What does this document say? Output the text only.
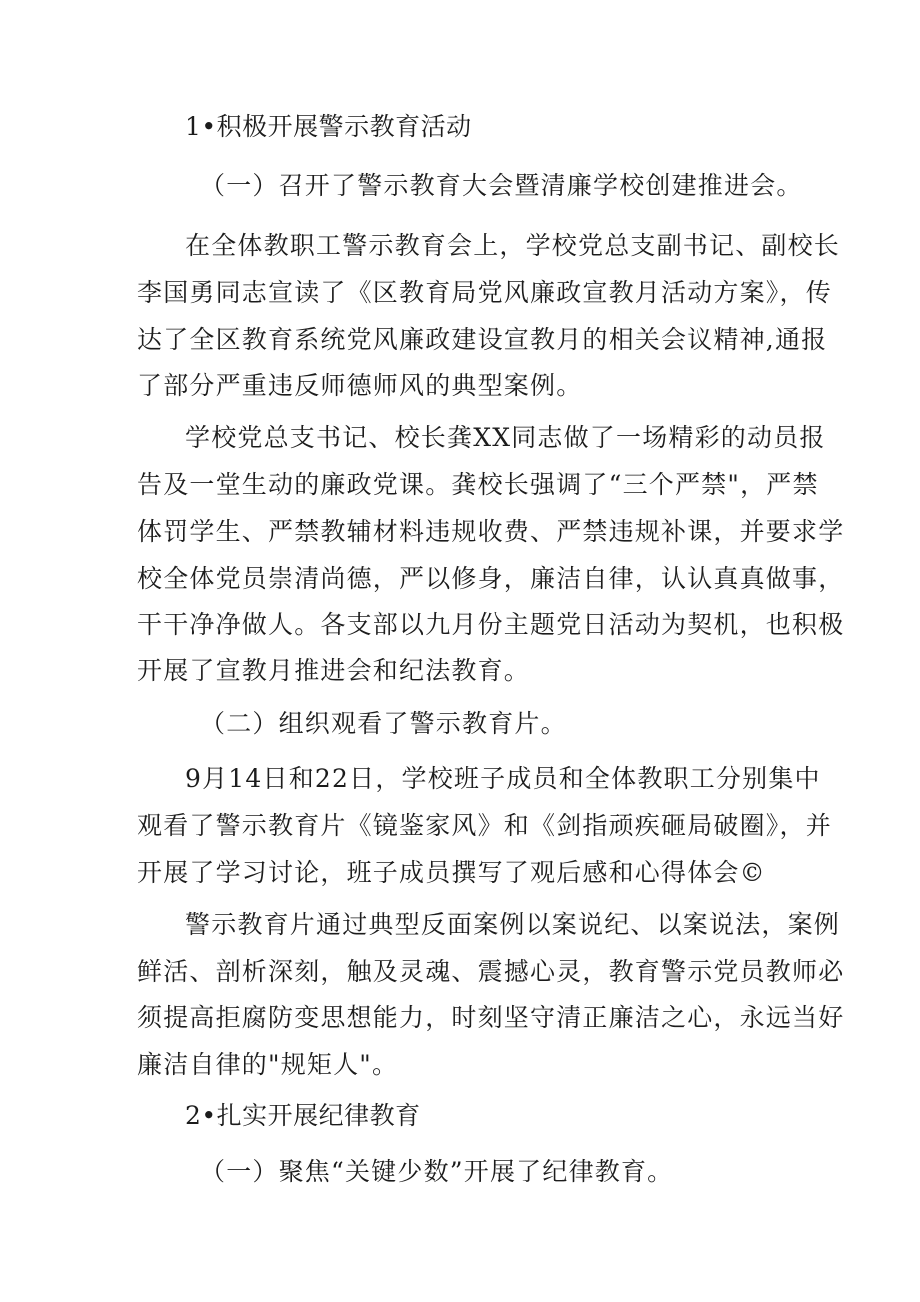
1•积极开展警示教育活动

（一）召开了警示教育大会暨清廉学校创建推进会。

在全体教职工警示教育会上，学校党总支副书记、副校长

李国勇同志宣读了《区教育局党风廉政宣教月活动方案》，传

达了全区教育系统党风廉政建设宣教月的相关会议精神,通报

了部分严重违反师德师风的典型案例。

学校党总支书记、校长龚XX同志做了一场精彩的动员报

告及一堂生动的廉政党课。龚校长强调了“三个严禁"，严禁

体罚学生、严禁教辅材料违规收费、严禁违规补课，并要求学

校全体党员崇清尚德，严以修身，廉洁自律，认认真真做事，

干干净净做人。各支部以九月份主题党日活动为契机，也积极

开展了宣教月推进会和纪法教育。

（二）组织观看了警示教育片。

9月14日和22日，学校班子成员和全体教职工分别集中

观看了警示教育片《镜鉴家风》和《剑指顽疾砸局破圈》，并

开展了学习讨论，班子成员撰写了观后感和心得体会©

警示教育片通过典型反面案例以案说纪、以案说法，案例

鲜活、剖析深刻，触及灵魂、震撼心灵，教育警示党员教师必

须提高拒腐防变思想能力，时刻坚守清正廉洁之心，永远当好

廉洁自律的"规矩人"。

2•扎实开展纪律教育

（一）聚焦“关键少数”开展了纪律教育。
